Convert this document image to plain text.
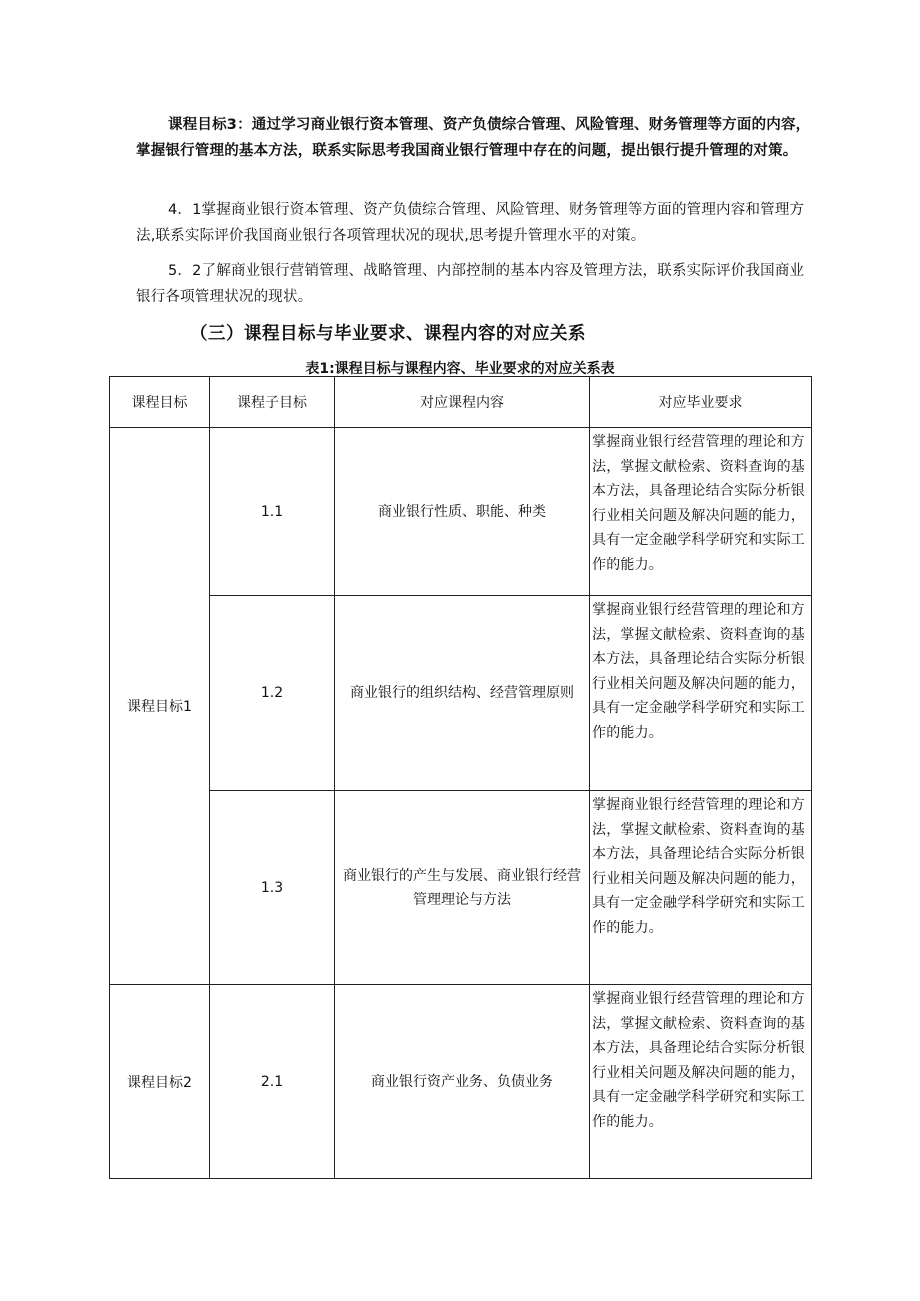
课程目标3：通过学习商业银行资本管理、资产负债综合管理、风险管理、财务管理等方面的内容，掌握银行管理的基本方法，联系实际思考我国商业银行管理中存在的问题，提出银行提升管理的对策。

4．1掌握商业银行资本管理、资产负债综合管理、风险管理、财务管理等方面的管理内容和管理方法,联系实际评价我国商业银行各项管理状况的现状,思考提升管理水平的对策。

5．2了解商业银行营销管理、战略管理、内部控制的基本内容及管理方法，联系实际评价我国商业银行各项管理状况的现状。

（三）课程目标与毕业要求、课程内容的对应关系

表1:课程目标与课程内容、毕业要求的对应关系表

课程目标	课程子目标	对应课程内容	对应毕业要求
课程目标1	1.1	商业银行性质、职能、种类	掌握商业银行经营管理的理论和方法，掌握文献检索、资料查询的基本方法，具备理论结合实际分析银行业相关问题及解决问题的能力，具有一定金融学科学研究和实际工作的能力。
	1.2	商业银行的组织结构、经营管理原则	掌握商业银行经营管理的理论和方法，掌握文献检索、资料查询的基本方法，具备理论结合实际分析银行业相关问题及解决问题的能力，具有一定金融学科学研究和实际工作的能力。
	1.3	商业银行的产生与发展、商业银行经营管理理论与方法	掌握商业银行经营管理的理论和方法，掌握文献检索、资料查询的基本方法，具备理论结合实际分析银行业相关问题及解决问题的能力，具有一定金融学科学研究和实际工作的能力。
课程目标2	2.1	商业银行资产业务、负债业务	掌握商业银行经营管理的理论和方法，掌握文献检索、资料查询的基本方法，具备理论结合实际分析银行业相关问题及解决问题的能力，具有一定金融学科学研究和实际工作的能力。
